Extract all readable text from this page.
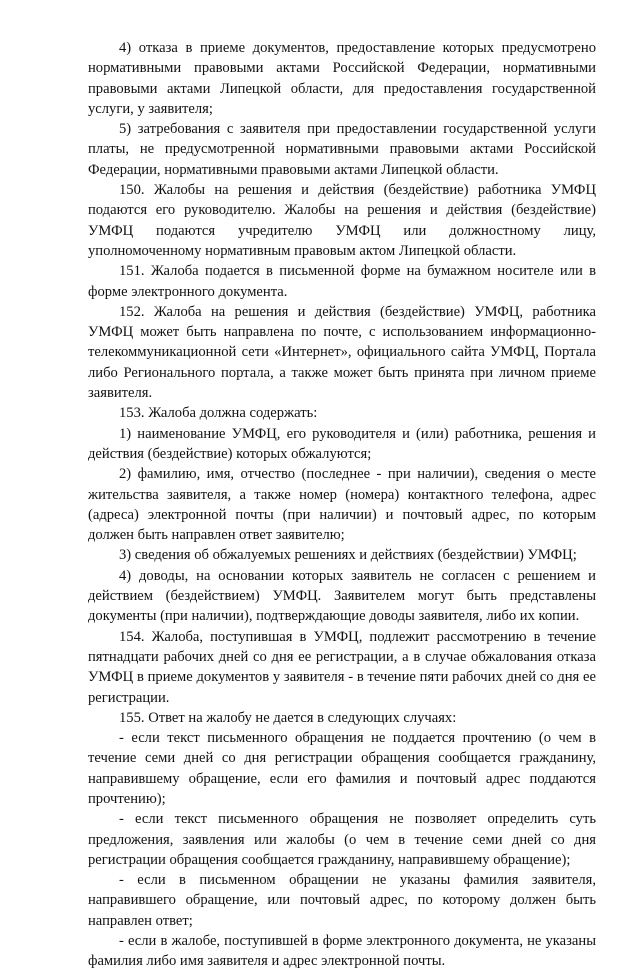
4) отказа в приеме документов, предоставление которых предусмотрено нормативными правовыми актами Российской Федерации, нормативными правовыми актами Липецкой области, для предоставления государственной услуги, у заявителя;

5) затребования с заявителя при предоставлении государственной услуги платы, не предусмотренной нормативными правовыми актами Российской Федерации, нормативными правовыми актами Липецкой области.

150. Жалобы на решения и действия (бездействие) работника УМФЦ подаются его руководителю. Жалобы на решения и действия (бездействие) УМФЦ подаются учредителю УМФЦ или должностному лицу, уполномоченному нормативным правовым актом Липецкой области.

151. Жалоба подается в письменной форме на бумажном носителе или в форме электронного документа.

152. Жалоба на решения и действия (бездействие) УМФЦ, работника УМФЦ может быть направлена по почте, с использованием информационно-телекоммуникационной сети «Интернет», официального сайта УМФЦ, Портала либо Регионального портала, а также может быть принята при личном приеме заявителя.

153. Жалоба должна содержать:

1) наименование УМФЦ, его руководителя и (или) работника, решения и действия (бездействие) которых обжалуются;

2) фамилию, имя, отчество (последнее - при наличии), сведения о месте жительства заявителя, а также номер (номера) контактного телефона, адрес (адреса) электронной почты (при наличии) и почтовый адрес, по которым должен быть направлен ответ заявителю;

3) сведения об обжалуемых решениях и действиях (бездействии) УМФЦ;

4) доводы, на основании которых заявитель не согласен с решением и действием (бездействием) УМФЦ. Заявителем могут быть представлены документы (при наличии), подтверждающие доводы заявителя, либо их копии.

154. Жалоба, поступившая в УМФЦ, подлежит рассмотрению в течение пятнадцати рабочих дней со дня ее регистрации, а в случае обжалования отказа УМФЦ в приеме документов у заявителя - в течение пяти рабочих дней со дня ее регистрации.

155. Ответ на жалобу не дается в следующих случаях:

- если текст письменного обращения не поддается прочтению (о чем в течение семи дней со дня регистрации обращения сообщается гражданину, направившему обращение, если его фамилия и почтовый адрес поддаются прочтению);

- если текст письменного обращения не позволяет определить суть предложения, заявления или жалобы (о чем в течение семи дней со дня регистрации обращения сообщается гражданину, направившему обращение);

- если в письменном обращении не указаны фамилия заявителя, направившего обращение, или почтовый адрес, по которому должен быть направлен ответ;

- если в жалобе, поступившей в форме электронного документа, не указаны фамилия либо имя заявителя и адрес электронной почты.
